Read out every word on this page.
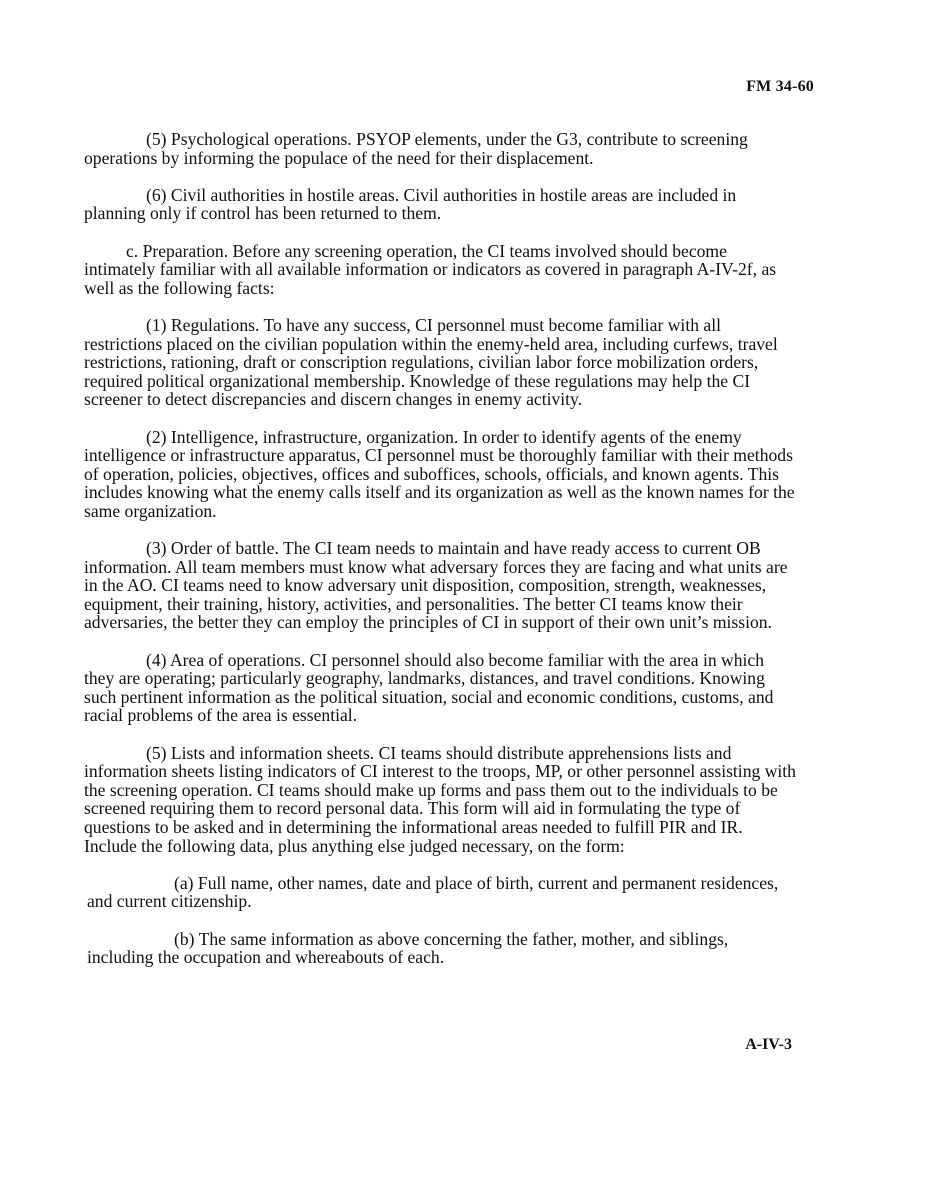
FM 34-60

(5) Psychological operations. PSYOP elements, under the G3, contribute to screening operations by informing the populace of the need for their displacement.

(6) Civil authorities in hostile areas. Civil authorities in hostile areas are included in planning only if control has been returned to them.

c. Preparation. Before any screening operation, the CI teams involved should become intimately familiar with all available information or indicators as covered in paragraph A-IV-2f, as well as the following facts:

(1) Regulations. To have any success, CI personnel must become familiar with all restrictions placed on the civilian population within the enemy-held area, including curfews, travel restrictions, rationing, draft or conscription regulations, civilian labor force mobilization orders, required political organizational membership. Knowledge of these regulations may help the CI screener to detect discrepancies and discern changes in enemy activity.

(2) Intelligence, infrastructure, organization. In order to identify agents of the enemy intelligence or infrastructure apparatus, CI personnel must be thoroughly familiar with their methods of operation, policies, objectives, offices and suboffices, schools, officials, and known agents. This includes knowing what the enemy calls itself and its organization as well as the known names for the same organization.

(3) Order of battle. The CI team needs to maintain and have ready access to current OB information. All team members must know what adversary forces they are facing and what units are in the AO. CI teams need to know adversary unit disposition, composition, strength, weaknesses, equipment, their training, history, activities, and personalities. The better CI teams know their adversaries, the better they can employ the principles of CI in support of their own unit’s mission.

(4) Area of operations. CI personnel should also become familiar with the area in which they are operating; particularly geography, landmarks, distances, and travel conditions. Knowing such pertinent information as the political situation, social and economic conditions, customs, and racial problems of the area is essential.

(5) Lists and information sheets. CI teams should distribute apprehensions lists and information sheets listing indicators of CI interest to the troops, MP, or other personnel assisting with the screening operation. CI teams should make up forms and pass them out to the individuals to be screened requiring them to record personal data. This form will aid in formulating the type of questions to be asked and in determining the informational areas needed to fulfill PIR and IR. Include the following data, plus anything else judged necessary, on the form:

(a) Full name, other names, date and place of birth, current and permanent residences, and current citizenship.

(b) The same information as above concerning the father, mother, and siblings, including the occupation and whereabouts of each.

A-IV-3
